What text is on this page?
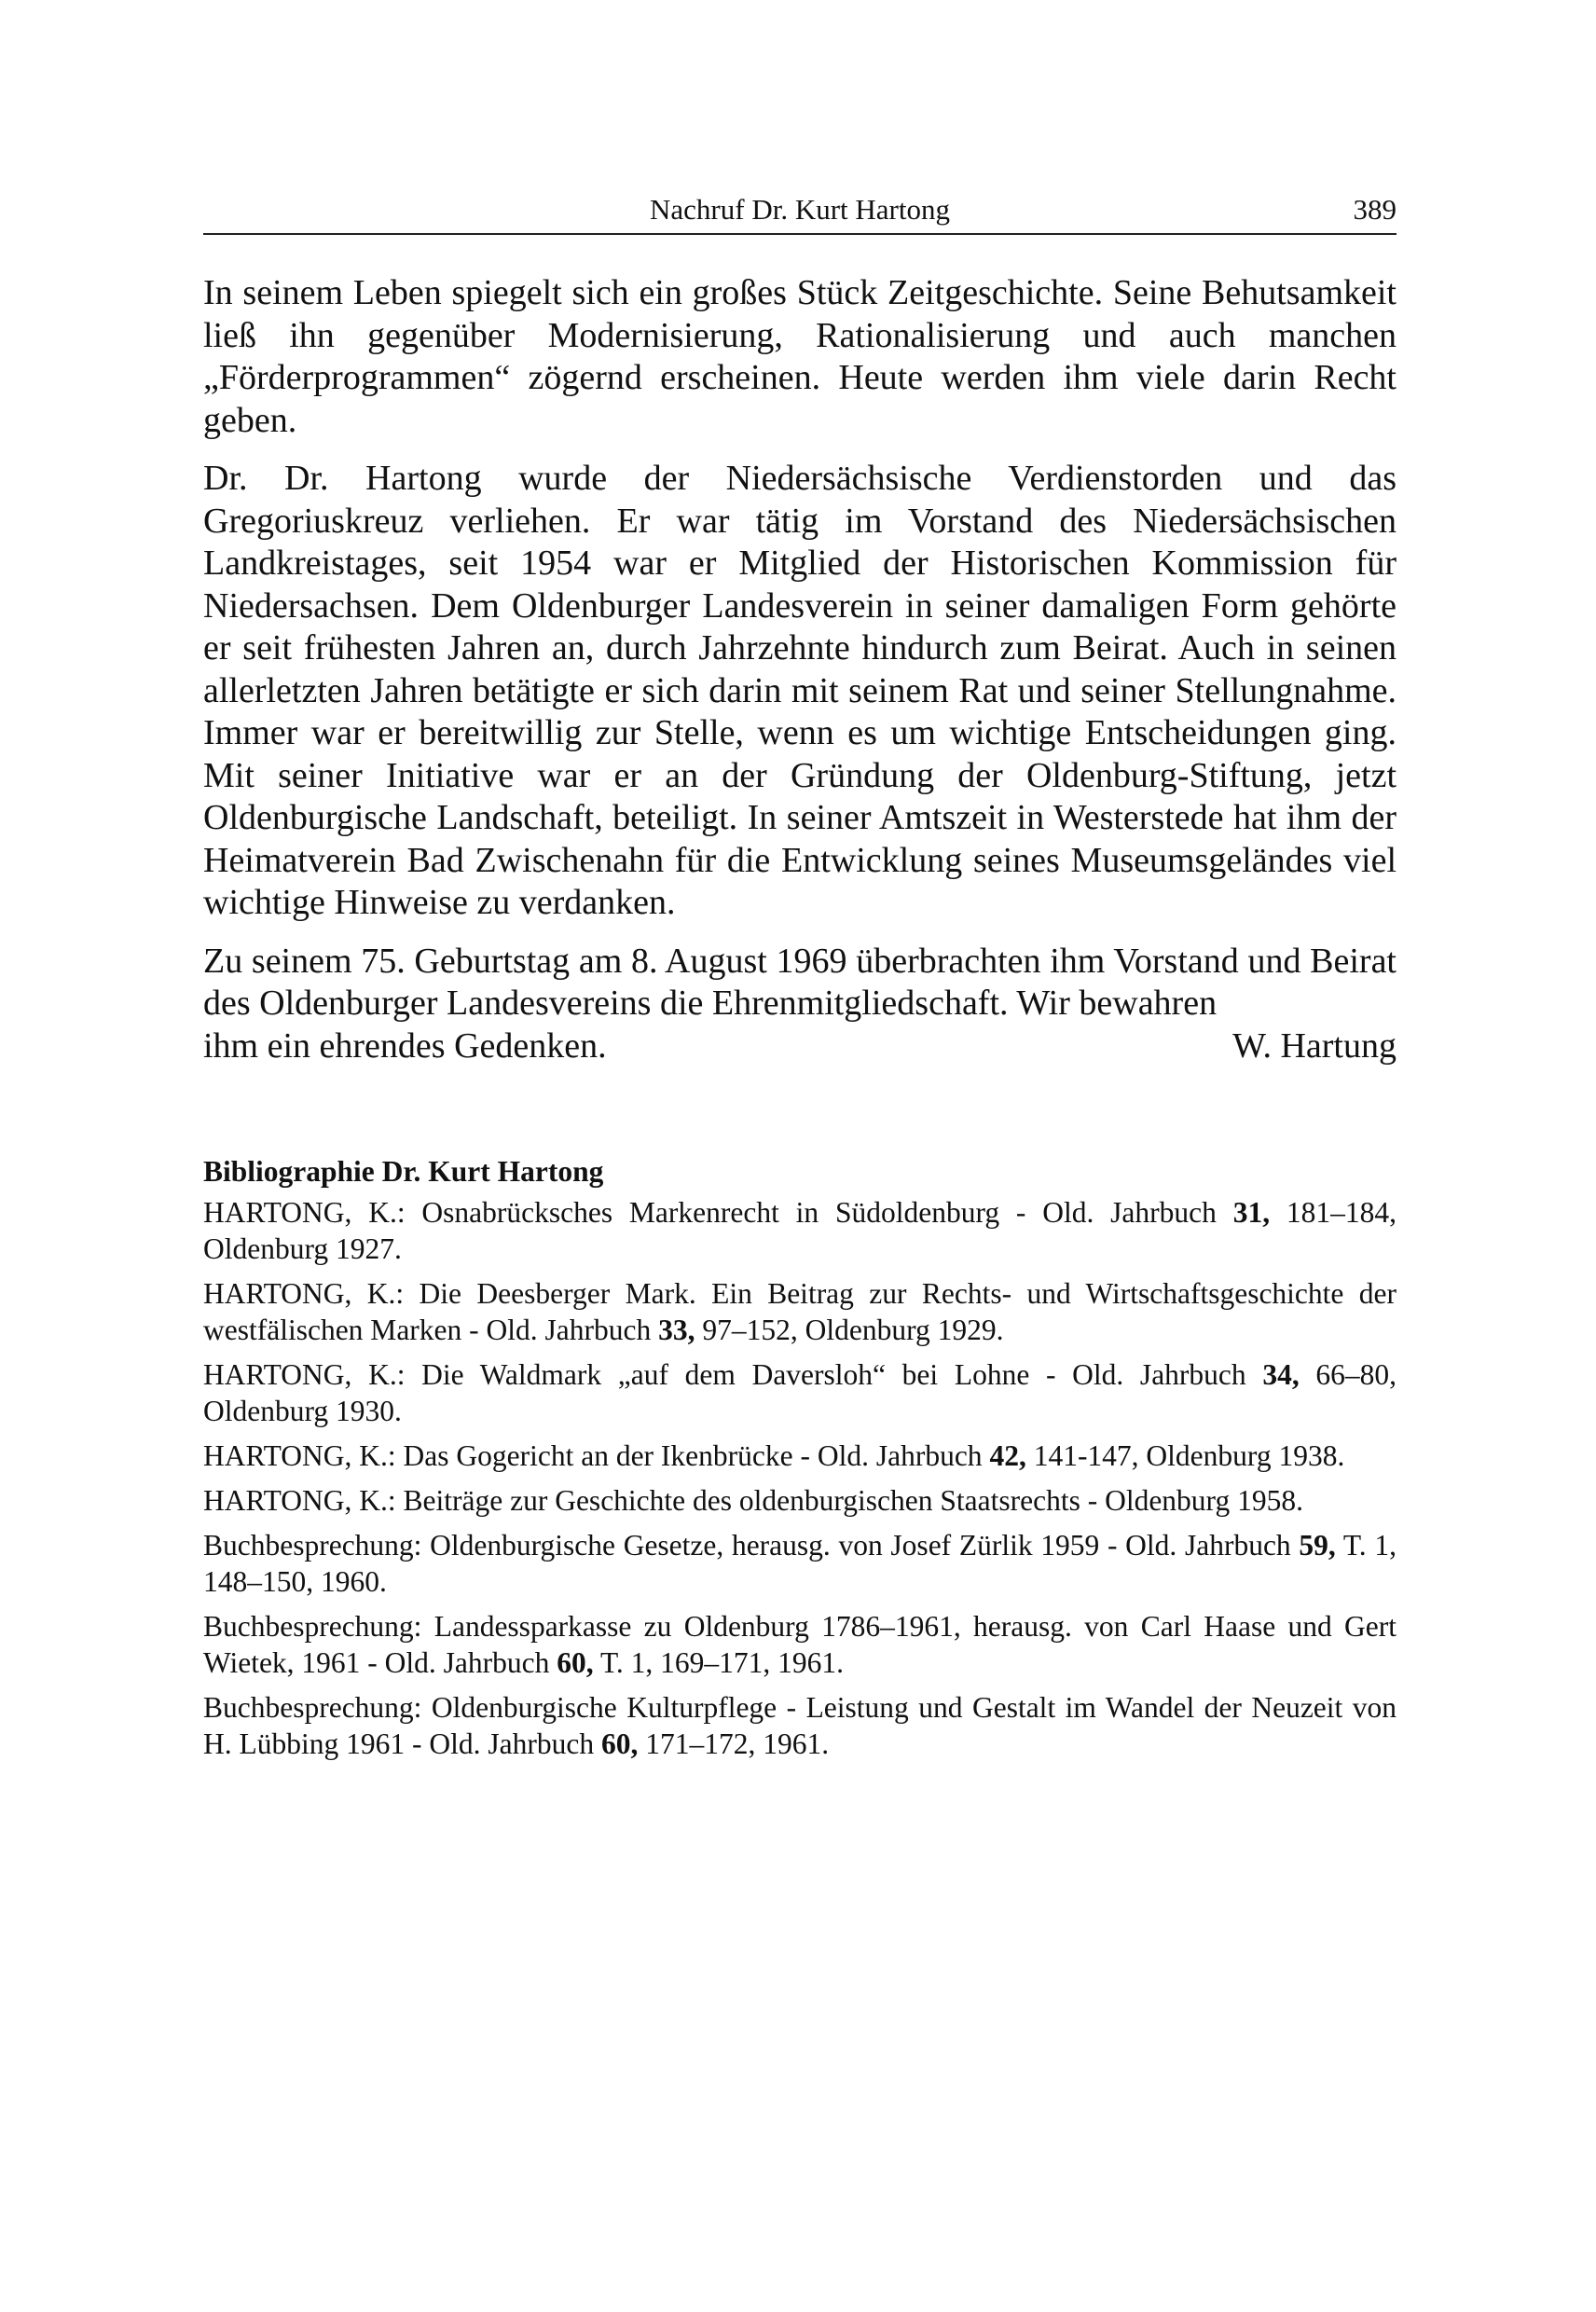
Nachruf Dr. Kurt Hartong	389

In seinem Leben spiegelt sich ein großes Stück Zeitgeschichte. Seine Behutsamkeit ließ ihn gegenüber Modernisierung, Rationalisierung und auch manchen „Förderprogrammen“ zögernd erscheinen. Heute werden ihm viele darin Recht geben.

Dr. Dr. Hartong wurde der Niedersächsische Verdienstorden und das Gregoriuskreuz verliehen. Er war tätig im Vorstand des Niedersächsischen Landkreistages, seit 1954 war er Mitglied der Historischen Kommission für Niedersachsen. Dem Oldenburger Landesverein in seiner damaligen Form gehörte er seit frühesten Jahren an, durch Jahrzehnte hindurch zum Beirat. Auch in seinen allerletzten Jahren betätigte er sich darin mit seinem Rat und seiner Stellungnahme. Immer war er bereitwillig zur Stelle, wenn es um wichtige Entscheidungen ging. Mit seiner Initiative war er an der Gründung der Oldenburg-Stiftung, jetzt Oldenburgische Landschaft, beteiligt. In seiner Amtszeit in Westerstede hat ihm der Heimatverein Bad Zwischenahn für die Entwicklung seines Museumsgeländes viel wichtige Hinweise zu verdanken.

Zu seinem 75. Geburtstag am 8. August 1969 überbrachten ihm Vorstand und Beirat des Oldenburger Landesvereins die Ehrenmitgliedschaft. Wir bewahren
ihm ein ehrendes Gedenken.	W. Hartung

Bibliographie Dr. Kurt Hartong
HARTONG, K.: Osnabrücksches Markenrecht in Südoldenburg - Old. Jahrbuch 31, 181–184, Oldenburg 1927.
HARTONG, K.: Die Deesberger Mark. Ein Beitrag zur Rechts- und Wirtschaftsgeschichte der westfälischen Marken - Old. Jahrbuch 33, 97–152, Oldenburg 1929.
HARTONG, K.: Die Waldmark „auf dem Daversloh“ bei Lohne - Old. Jahrbuch 34, 66–80, Oldenburg 1930.
HARTONG, K.: Das Gogericht an der Ikenbrücke - Old. Jahrbuch 42, 141-147, Oldenburg 1938.
HARTONG, K.: Beiträge zur Geschichte des oldenburgischen Staatsrechts - Oldenburg 1958.
Buchbesprechung: Oldenburgische Gesetze, herausg. von Josef Zürlik 1959 - Old. Jahrbuch 59, T. 1, 148–150, 1960.
Buchbesprechung: Landessparkasse zu Oldenburg 1786–1961, herausg. von Carl Haase und Gert Wietek, 1961 - Old. Jahrbuch 60, T. 1, 169–171, 1961.
Buchbesprechung: Oldenburgische Kulturpflege - Leistung und Gestalt im Wandel der Neuzeit von H. Lübbing 1961 - Old. Jahrbuch 60, 171–172, 1961.
